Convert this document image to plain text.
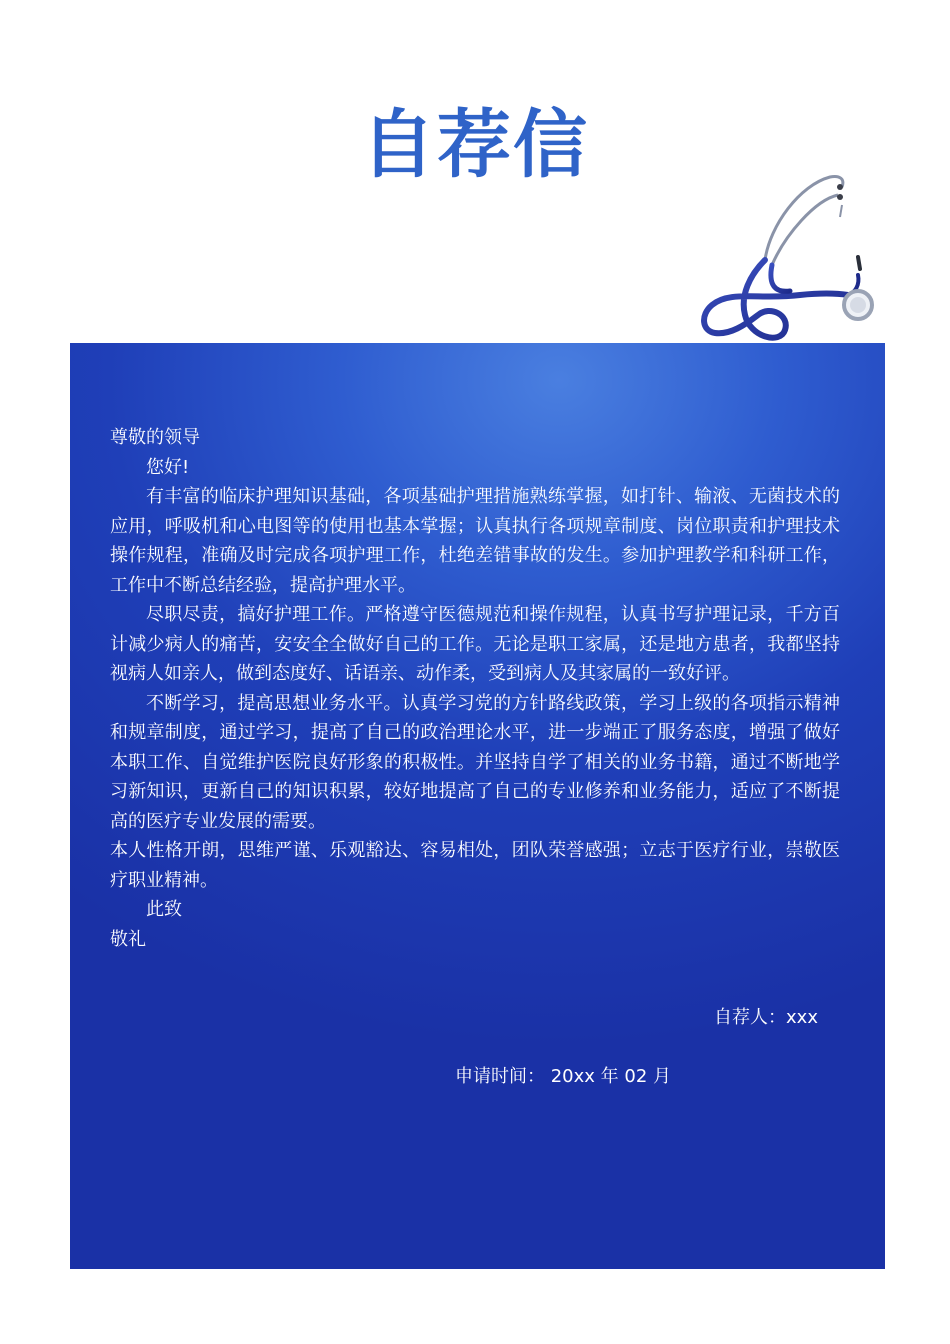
自荐信

尊敬的领导

您好!

有丰富的临床护理知识基础，各项基础护理措施熟练掌握，如打针、输液、无菌技术的应用，呼吸机和心电图等的使用也基本掌握；认真执行各项规章制度、岗位职责和护理技术操作规程，准确及时完成各项护理工作，杜绝差错事故的发生。参加护理教学和科研工作，工作中不断总结经验，提高护理水平。

尽职尽责，搞好护理工作。严格遵守医德规范和操作规程，认真书写护理记录，千方百计减少病人的痛苦，安安全全做好自己的工作。无论是职工家属，还是地方患者，我都坚持视病人如亲人，做到态度好、话语亲、动作柔，受到病人及其家属的一致好评。

不断学习，提高思想业务水平。认真学习党的方针路线政策，学习上级的各项指示精神和规章制度，通过学习，提高了自己的政治理论水平，进一步端正了服务态度，增强了做好本职工作、自觉维护医院良好形象的积极性。并坚持自学了相关的业务书籍，通过不断地学习新知识，更新自己的知识积累，较好地提高了自己的专业修养和业务能力，适应了不断提高的医疗专业发展的需要。

本人性格开朗，思维严谨、乐观豁达、容易相处，团队荣誉感强；立志于医疗行业，崇敬医疗职业精神。

此致

敬礼

自荐人：xxx
申请时间： 20xx 年 02 月
